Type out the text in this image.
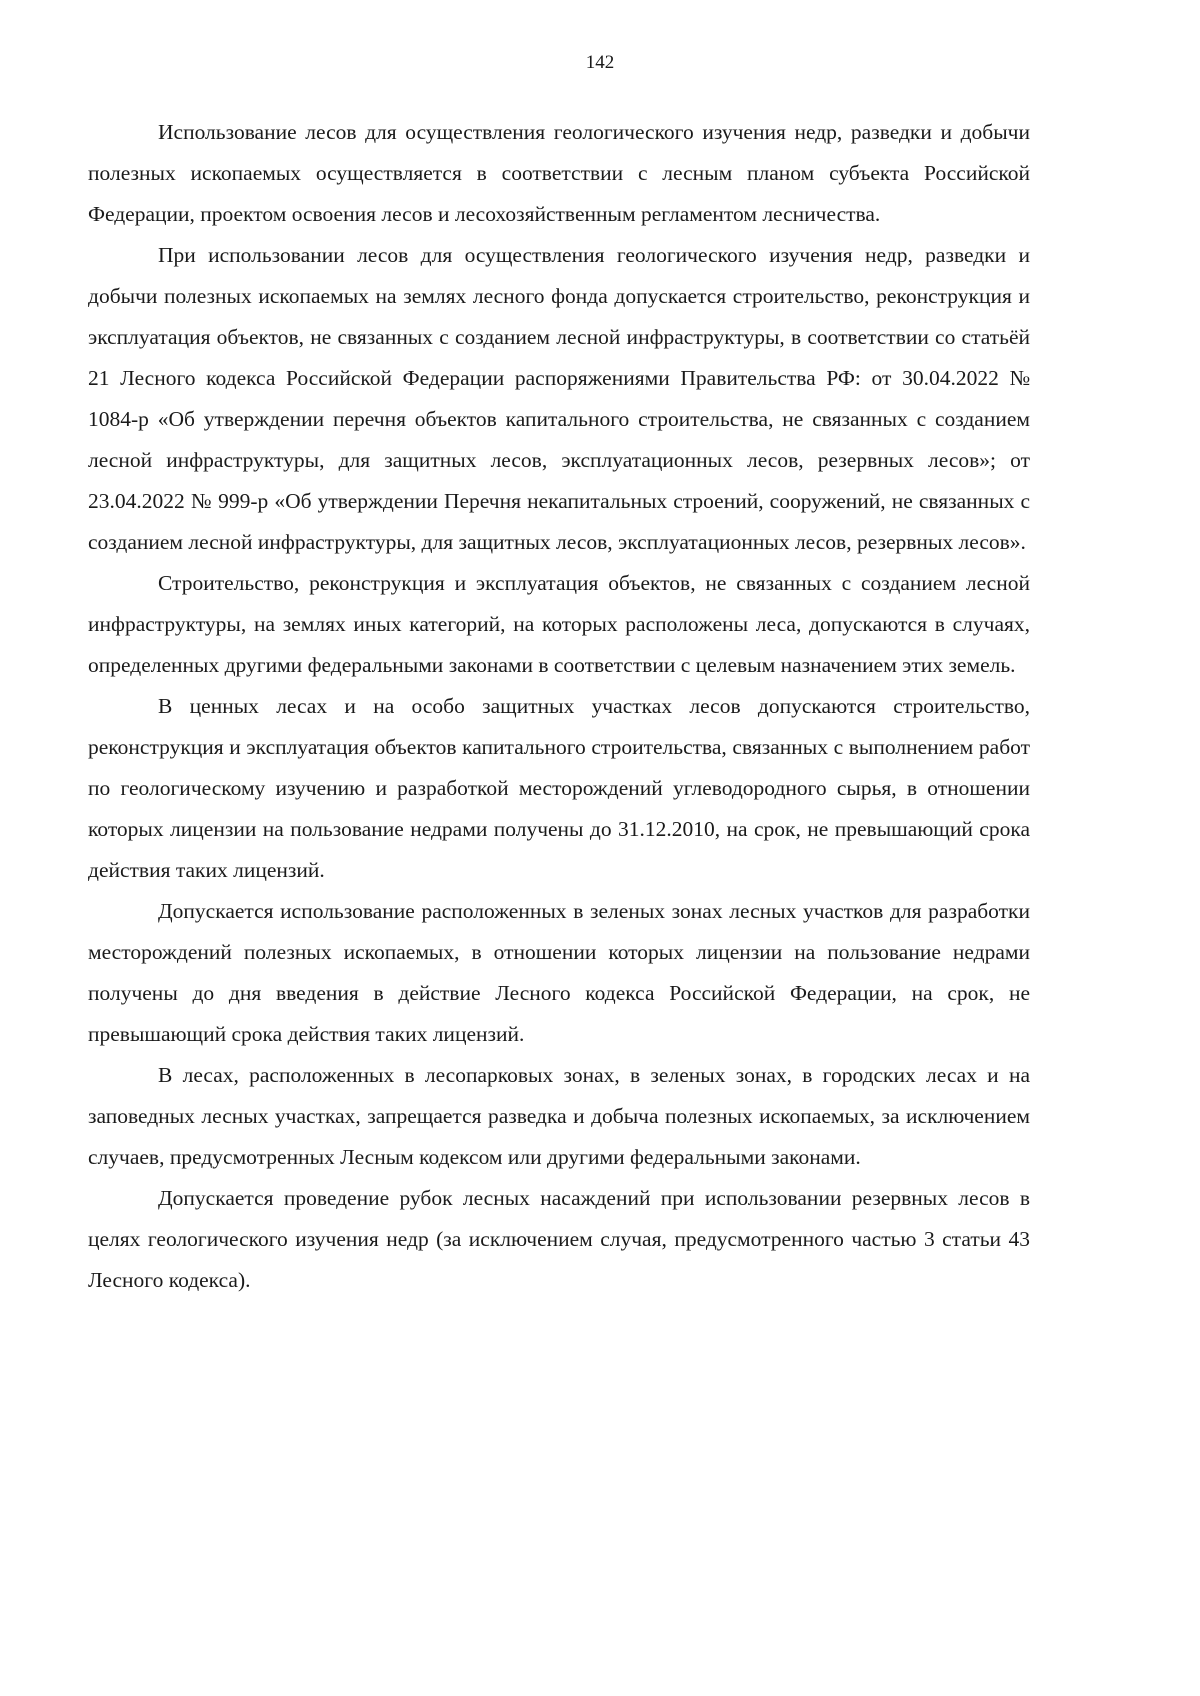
142

Использование лесов для осуществления геологического изучения недр, разведки и добычи полезных ископаемых осуществляется в соответствии с лесным планом субъекта Российской Федерации, проектом освоения лесов и лесохозяйственным регламентом лесничества.

При использовании лесов для осуществления геологического изучения недр, разведки и добычи полезных ископаемых на землях лесного фонда допускается строительство, реконструкция и эксплуатация объектов, не связанных с созданием лесной инфраструктуры, в соответствии со статьёй 21 Лесного кодекса Российской Федерации распоряжениями Правительства РФ: от 30.04.2022 № 1084-р «Об утверждении перечня объектов капитального строительства, не связанных с созданием лесной инфраструктуры, для защитных лесов, эксплуатационных лесов, резервных лесов»; от 23.04.2022 № 999-р «Об утверждении Перечня некапитальных строений, сооружений, не связанных с созданием лесной инфраструктуры, для защитных лесов, эксплуатационных лесов, резервных лесов».

Строительство, реконструкция и эксплуатация объектов, не связанных с созданием лесной инфраструктуры, на землях иных категорий, на которых расположены леса, допускаются в случаях, определенных другими федеральными законами в соответствии с целевым назначением этих земель.

В ценных лесах и на особо защитных участках лесов допускаются строительство, реконструкция и эксплуатация объектов капитального строительства, связанных с выполнением работ по геологическому изучению и разработкой месторождений углеводородного сырья, в отношении которых лицензии на пользование недрами получены до 31.12.2010, на срок, не превышающий срока действия таких лицензий.

Допускается использование расположенных в зеленых зонах лесных участков для разработки месторождений полезных ископаемых, в отношении которых лицензии на пользование недрами получены до дня введения в действие Лесного кодекса Российской Федерации, на срок, не превышающий срока действия таких лицензий.

В лесах, расположенных в лесопарковых зонах, в зеленых зонах, в городских лесах и на заповедных лесных участках, запрещается разведка и добыча полезных ископаемых, за исключением случаев, предусмотренных Лесным кодексом или другими федеральными законами.

Допускается проведение рубок лесных насаждений при использовании резервных лесов в целях геологического изучения недр (за исключением случая, предусмотренного частью 3 статьи 43 Лесного кодекса).
